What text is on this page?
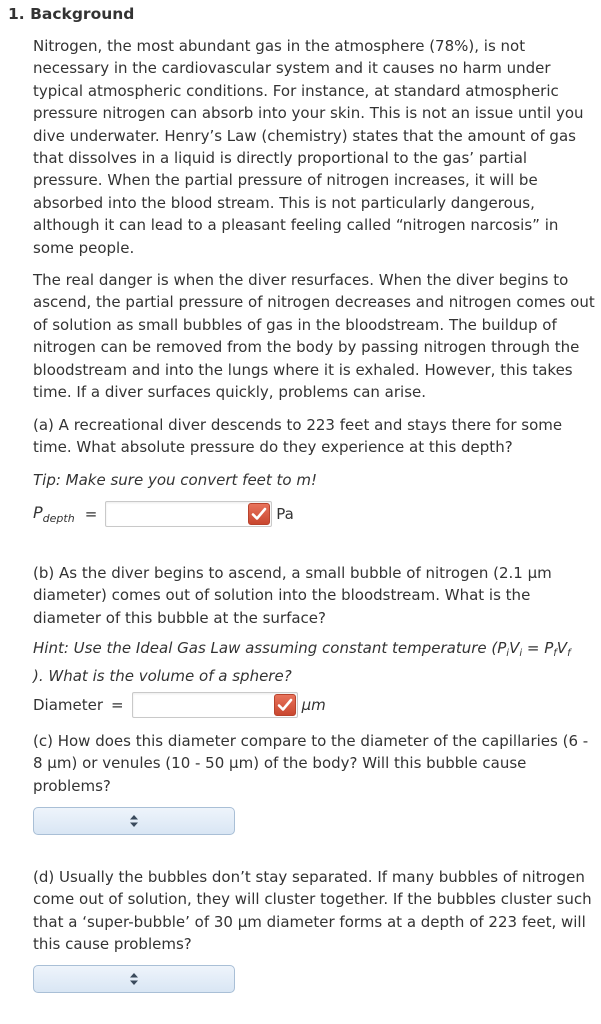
1. Background
Nitrogen, the most abundant gas in the atmosphere (78%), is not necessary in the cardiovascular system and it causes no harm under typical atmospheric conditions. For instance, at standard atmospheric pressure nitrogen can absorb into your skin. This is not an issue until you dive underwater. Henry’s Law (chemistry) states that the amount of gas that dissolves in a liquid is directly proportional to the gas’ partial pressure. When the partial pressure of nitrogen increases, it will be absorbed into the blood stream. This is not particularly dangerous, although it can lead to a pleasant feeling called “nitrogen narcosis” in some people.
The real danger is when the diver resurfaces. When the diver begins to ascend, the partial pressure of nitrogen decreases and nitrogen comes out of solution as small bubbles of gas in the bloodstream. The buildup of nitrogen can be removed from the body by passing nitrogen through the bloodstream and into the lungs where it is exhaled. However, this takes time. If a diver surfaces quickly, problems can arise.
(a) A recreational diver descends to 223 feet and stays there for some time. What absolute pressure do they experience at this depth?
Tip: Make sure you convert feet to m!
$P_{depth}$ =	Pa
(b) As the diver begins to ascend, a small bubble of nitrogen (2.1 μm diameter) comes out of solution into the bloodstream. What is the diameter of this bubble at the surface?
Hint: Use the Ideal Gas Law assuming constant temperature ($P_iV_i = P_fV_f$
). What is the volume of a sphere?
Diameter =	μm
(c) How does this diameter compare to the diameter of the capillaries (6 - 8 μm) or venules (10 - 50 μm) of the body? Will this bubble cause problems?
(d) Usually the bubbles don’t stay separated. If many bubbles of nitrogen come out of solution, they will cluster together. If the bubbles cluster such that a ‘super-bubble’ of 30 μm diameter forms at a depth of 223 feet, will this cause problems?
